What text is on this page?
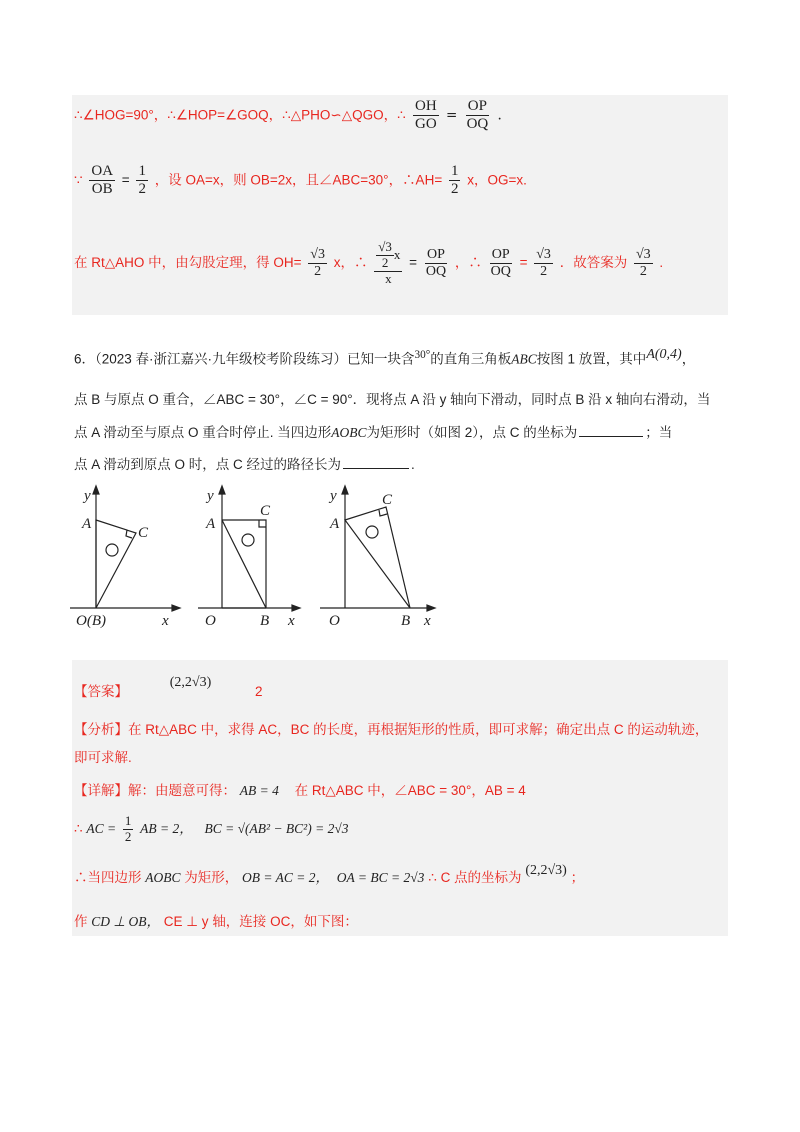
∴∠HOG=90°，∴∠HOP=∠GOQ，∴△PHO∽△QGO，∴ $\frac{OH}{GO} = \frac{OP}{OQ}$ .
∵ $\frac{OA}{OB} = \frac{1}{2}$ ，设 OA=x，则 OB=2x，且∠ABC=30°，∴AH= $\frac{1}{2}$ x，OG=x.
在 Rt△AHO 中，由勾股定理，得 $OH= \frac{√3}{2}$ x，∴ $\frac{\frac{√3}{2} x}{x} = \frac{OP}{OQ}$ ，∴ $\frac{OP}{OQ} = \frac{√3}{2}$ ．故答案为 $\frac{√3}{2}$ .
6．（2023 春·浙江嘉兴·九年级校考阶段练习）已知一块含$^{30^\circ}$的直角三角板ABC按图 1 放置，其中$^{A(0,4)}$，
点 B 与原点 O 重合，∠ABC = 30°，∠C = 90°．现将点 A 沿 y 轴向下滑动，同时点 B 沿 x 轴向右滑动，当
点 A 滑动至与原点 O 重合时停止. 当四边形AOBC为矩形时（如图 2），点 C 的坐标为	；当
点 A 滑动到原点 O 时，点 C 经过的路径长为	.
y
A
C
O(B)	x
y
A
C
O	B x
y
A
C
O	B x
【答案】 (2,2√3) 2
【分析】在 Rt△ABC 中，求得 AC，BC 的长度，再根据矩形的性质，即可求解；确定出点 C 的运动轨迹，
即可求解.
【详解】解：由题意可得： AB = 4 在 Rt△ABC 中，∠ABC = 30°，AB = 4
∴ AC = $\frac{1}{2}$ AB = 2， BC = √(AB² − BC²) = 2√3
∴当四边形 AOBC 为矩形， OB = AC = 2， OA = BC = 2√3 ∴ C 点的坐标为 (2,2√3) ；
作 CD ⊥ OB， CE ⊥ y 轴，连接 OC，如下图：
